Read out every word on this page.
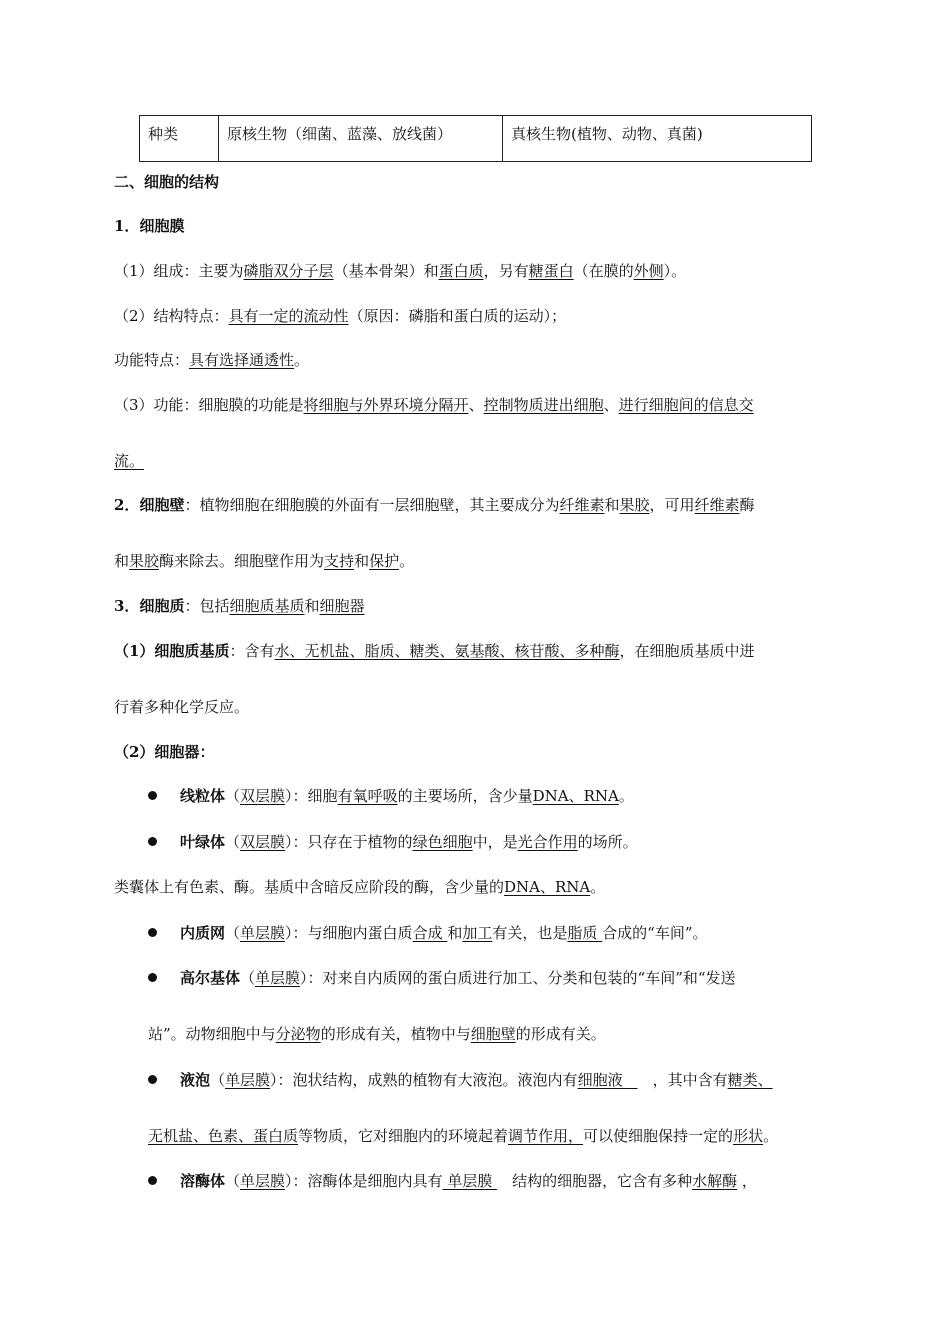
种类	原核生物（细菌、蓝藻、放线菌）	真核生物(植物、动物、真菌)
二、细胞的结构
1．细胞膜
（1）组成：主要为磷脂双分子层（基本骨架）和蛋白质，另有糖蛋白（在膜的外侧）。
（2）结构特点：具有一定的流动性（原因：磷脂和蛋白质的运动）；
功能特点：具有选择通透性。
（3）功能：细胞膜的功能是将细胞与外界环境分隔开、控制物质进出细胞、进行细胞间的信息交
流。
2．细胞壁：植物细胞在细胞膜的外面有一层细胞壁，其主要成分为纤维素和果胶，可用纤维素酶
和果胶酶来除去。细胞壁作用为支持和保护。
3．细胞质：包括细胞质基质和细胞器
（1）细胞质基质：含有水、无机盐、脂质、糖类、氨基酸、核苷酸、多种酶，在细胞质基质中进
行着多种化学反应。
（2）细胞器：
线粒体（双层膜）：细胞有氧呼吸的主要场所，含少量DNA、RNA。
叶绿体（双层膜）：只存在于植物的绿色细胞中，是光合作用的场所。
类囊体上有色素、酶。基质中含暗反应阶段的酶，含少量的DNA、RNA。
内质网（单层膜）：与细胞内蛋白质合成 和加工有关，也是脂质 合成的“车间”。
高尔基体（单层膜）：对来自内质网的蛋白质进行加工、分类和包装的“车间”和“发送
站”。动物细胞中与分泌物的形成有关，植物中与细胞壁的形成有关。
液泡（单层膜）：泡状结构，成熟的植物有大液泡。液泡内有细胞液　　，其中含有糖类、
无机盐、色素、蛋白质等物质，它对细胞内的环境起着调节作用，可以使细胞保持一定的形状。
溶酶体（单层膜）：溶酶体是细胞内具有 单层膜 　结构的细胞器，它含有多种水解酶 ，
